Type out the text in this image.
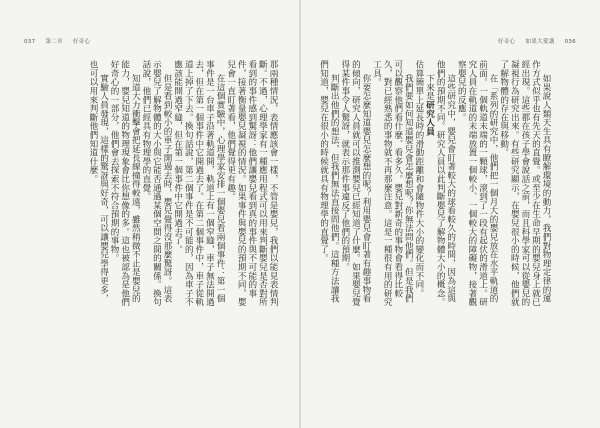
037 第二章 好奇心

那兩種情況，表情應該會一樣，不管是嬰兒，我們以能見表情判斷。不過，心理學家有一種應用程式可以用來判斷嬰兒是否對所看到的事件感到驚訝：他們讓嬰兒看到真的事件與不可能的事件，接著衡量嬰兒凝視的情況。如果事件與嬰兒的預期不同，嬰兒會一直盯著看，他們覺得更有趣。

在這個實驗中，心理學家安排一個嬰兒看兩個事件：第一個事件是一台車子沿著軌道開，軌道上有一個窄縫，車子無法開過去，但在第一個事件中它開過去了。在第二個事件中，車子從軌道上掉了下去。換句話說，第二個事件是不可能的，因為車子不應該能開過窄縫，但在第一個事件中它開過去了。

但是看到較小的車子開過去時，嬰兒覺得沒那麼驚訝。這表示嬰兒了解物體的大小與它能否通過某個空間之間的關係。換句話說，他們已經具有物理學的直覺。

知道大力衝擊會把延長線撞得較遠，雖然稍微不止是嬰兒的能力，嬰兒知道的物理現象會比你想像的多。這也被認為是他們好奇心的一部分，他們會去探索不符合預期的事物。

實驗人員發現，這樣的驚訝與好奇，可以讓嬰兒學得更多，也可以用來判斷他們知道什麼。

好奇心 如果大愛講 036

如果說人類天生具有瞭解環境的動力，我們對物理定律的運作方式似乎也有先天的直覺。或至少在生命早期的嬰兒身上就已經出現。這些都在孩子學會說話之前，而且科學家可以從嬰兒的凝視行為研究出來。有些研究顯示，在嬰兒很小的時候，他們就了解物體的存在與移動。

在「系列的研究中，他們把一個月大的嬰兒放在水平軌道的前面。一個軌道末端的一顆球，滾到了一段有起伏的滑道上。研究人員在軌道的末端放置一個較小、一個較大的障礙物，接著觀察嬰兒的反應。

這些研究中，嬰兒會盯著較大的球看較久的時間，因為這與他們的預期不同。研究人員以此判斷嬰兒了解物體大小的概念。

下來是研究人員

估算簡單上延長時的滑動距離和會隨物件大小的變化而不同。

我們要如何知道嬰兒會怎麼想呢？你無法問他們。但是我們可以觀察他們看什麼、看多久。嬰兒對新奇的事物會看得比較久，對已經熟悉的事物就不再那麼注意。這是一種很有用的研究工具。

你要怎麼知道嬰兒怎麼想的呢？利用嬰兒會盯著有趣事物看的傾向，研究人員就可以推測嬰兒已經知道了什麼。如果嬰兒覺得某件事令人驚訝，就表示那件事違反了他們的預期。

判斷出他們的想法，但我們無法直接問他們。這種方法讓我們知道，嬰兒在很小的時候就具有物理學的直覺了。
